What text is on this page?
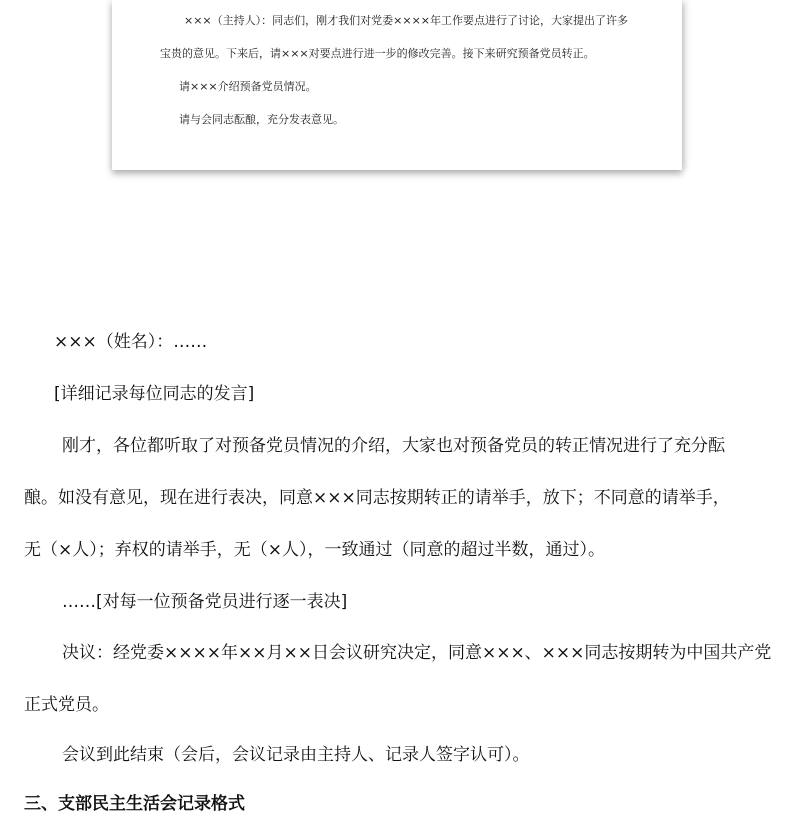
×××（主持人）：同志们，刚才我们对党委××××年工作要点进行了讨论，大家提出了许多
宝贵的意见。下来后，请×××对要点进行进一步的修改完善。接下来研究预备党员转正。
请×××介绍预备党员情况。
请与会同志酝酿，充分发表意见。
×××（姓名）：……
[详细记录每位同志的发言]
刚才，各位都听取了对预备党员情况的介绍，大家也对预备党员的转正情况进行了充分酝
酿。如没有意见，现在进行表决，同意×××同志按期转正的请举手，放下；不同意的请举手，
无（×人）；弃权的请举手，无（×人），一致通过（同意的超过半数，通过）。
……[对每一位预备党员进行逐一表决]
决议：经党委××××年××月××日会议研究决定，同意×××、×××同志按期转为中国共产党
正式党员。
会议到此结束（会后，会议记录由主持人、记录人签字认可）。
三、支部民主生活会记录格式
